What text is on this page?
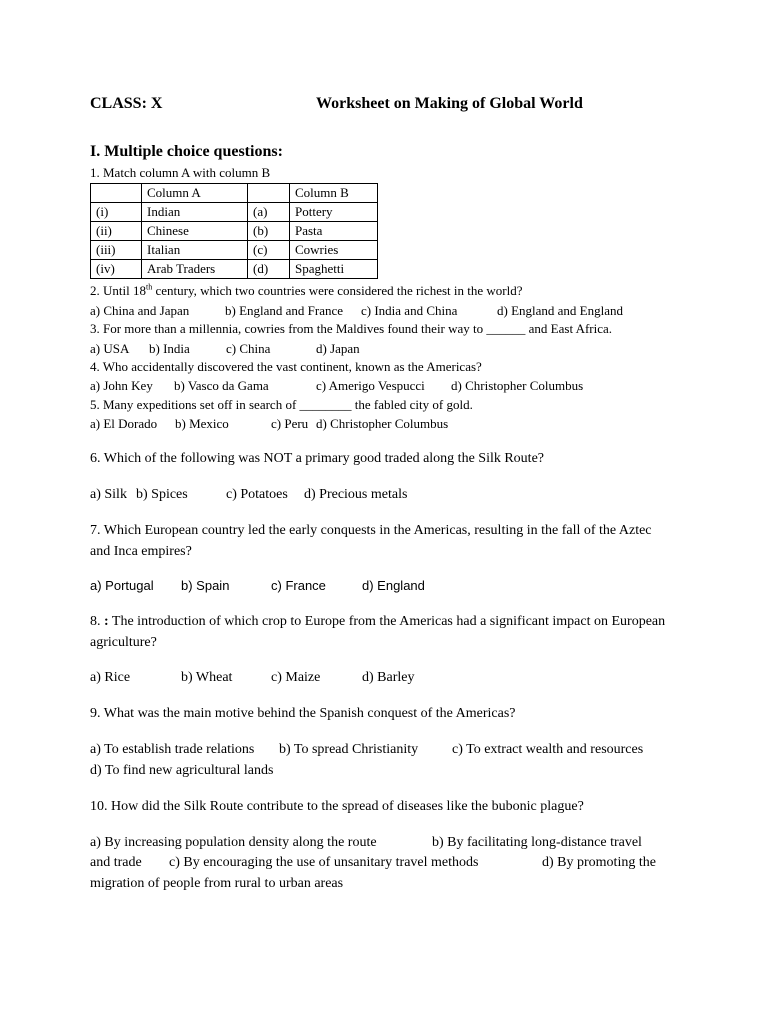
CLASS: X	Worksheet on Making of Global World
I. Multiple choice questions:
1. Match column A with column B
	Column A		Column B
(i)	Indian	(a)	Pottery
(ii)	Chinese	(b)	Pasta
(iii)	Italian	(c)	Cowries
(iv)	Arab Traders	(d)	Spaghetti
2. Until 18th century, which two countries were considered the richest in the world?
a) China and Japan	b) England and France c) India and China	d) England and England
3. For more than a millennia, cowries from the Maldives found their way to ______ and East Africa.
a) USA b) India	c) China	d) Japan
4. Who accidentally discovered the vast continent, known as the Americas?
a) John Key b) Vasco da Gama	c) Amerigo Vespucci d) Christopher Columbus
5. Many expeditions set off in search of ________ the fabled city of gold.
a) El Dorado b) Mexico	c) Peru d) Christopher Columbus
6. Which of the following was NOT a primary good traded along the Silk Route?
a) Silk b) Spices	c) Potatoes d) Precious metals
7. Which European country led the early conquests in the Americas, resulting in the fall of the Aztec and Inca empires?
a) Portugal b) Spain	c) France	d) England
8. : The introduction of which crop to Europe from the Americas had a significant impact on European agriculture?
a) Rice	b) Wheat	c) Maize	d) Barley
9. What was the main motive behind the Spanish conquest of the Americas?
a) To establish trade relations b) To spread Christianity c) To extract wealth and resources
d) To find new agricultural lands
10. How did the Silk Route contribute to the spread of diseases like the bubonic plague?
a) By increasing population density along the route	b) By facilitating long-distance travel
and trade c) By encouraging the use of unsanitary travel methods	d) By promoting the
migration of people from rural to urban areas
